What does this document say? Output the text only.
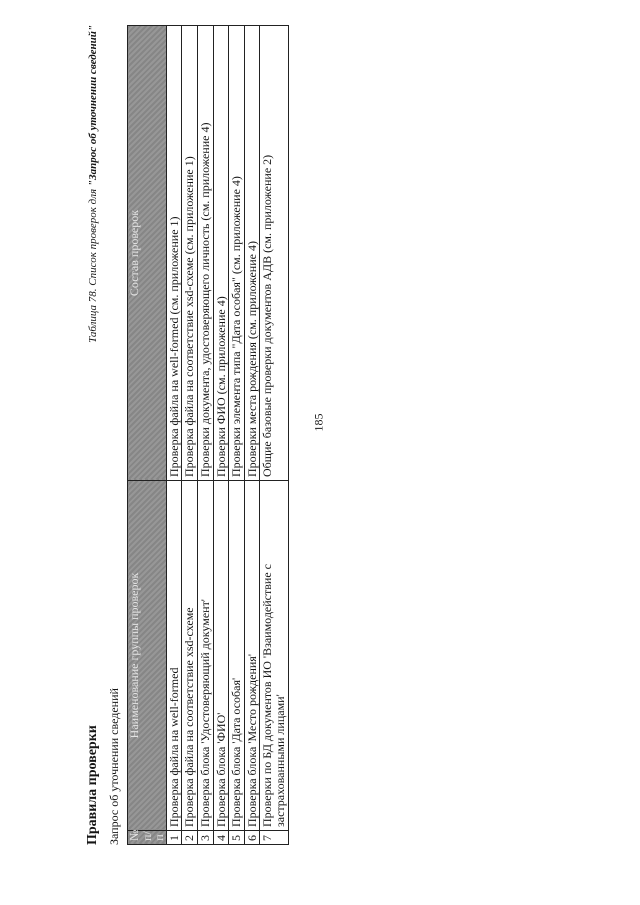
185
Правила проверки
Таблица 78. Список проверок для "Запрос об уточнении сведений"
Запрос об уточнении сведений № п/п	Наименование группы проверок	Состав проверок
1	Проверка файла на well-formed	Проверка файла на well-formed (см. приложение 1)
2	Проверка файла на соответствие xsd-схеме	Проверка файла на соответствие xsd-схеме (см. приложение 1)
3	Проверка блока 'Удостоверяющий документ'	Проверки документа, удостоверяющего личность (см. приложение 4)
4	Проверка блока 'ФИО'	Проверки ФИО (см. приложение 4)
5	Проверка блока 'Дата особая'	Проверки элемента типа "Дата особая" (см. приложение 4)
6	Проверка блока 'Место рождения'	Проверки места рождения (см. приложение 4)
7	Проверки по БД документов ИО 'Взаимодействие с застрахованными лицами'	Общие базовые проверки документов АДВ (см. приложение 2)
